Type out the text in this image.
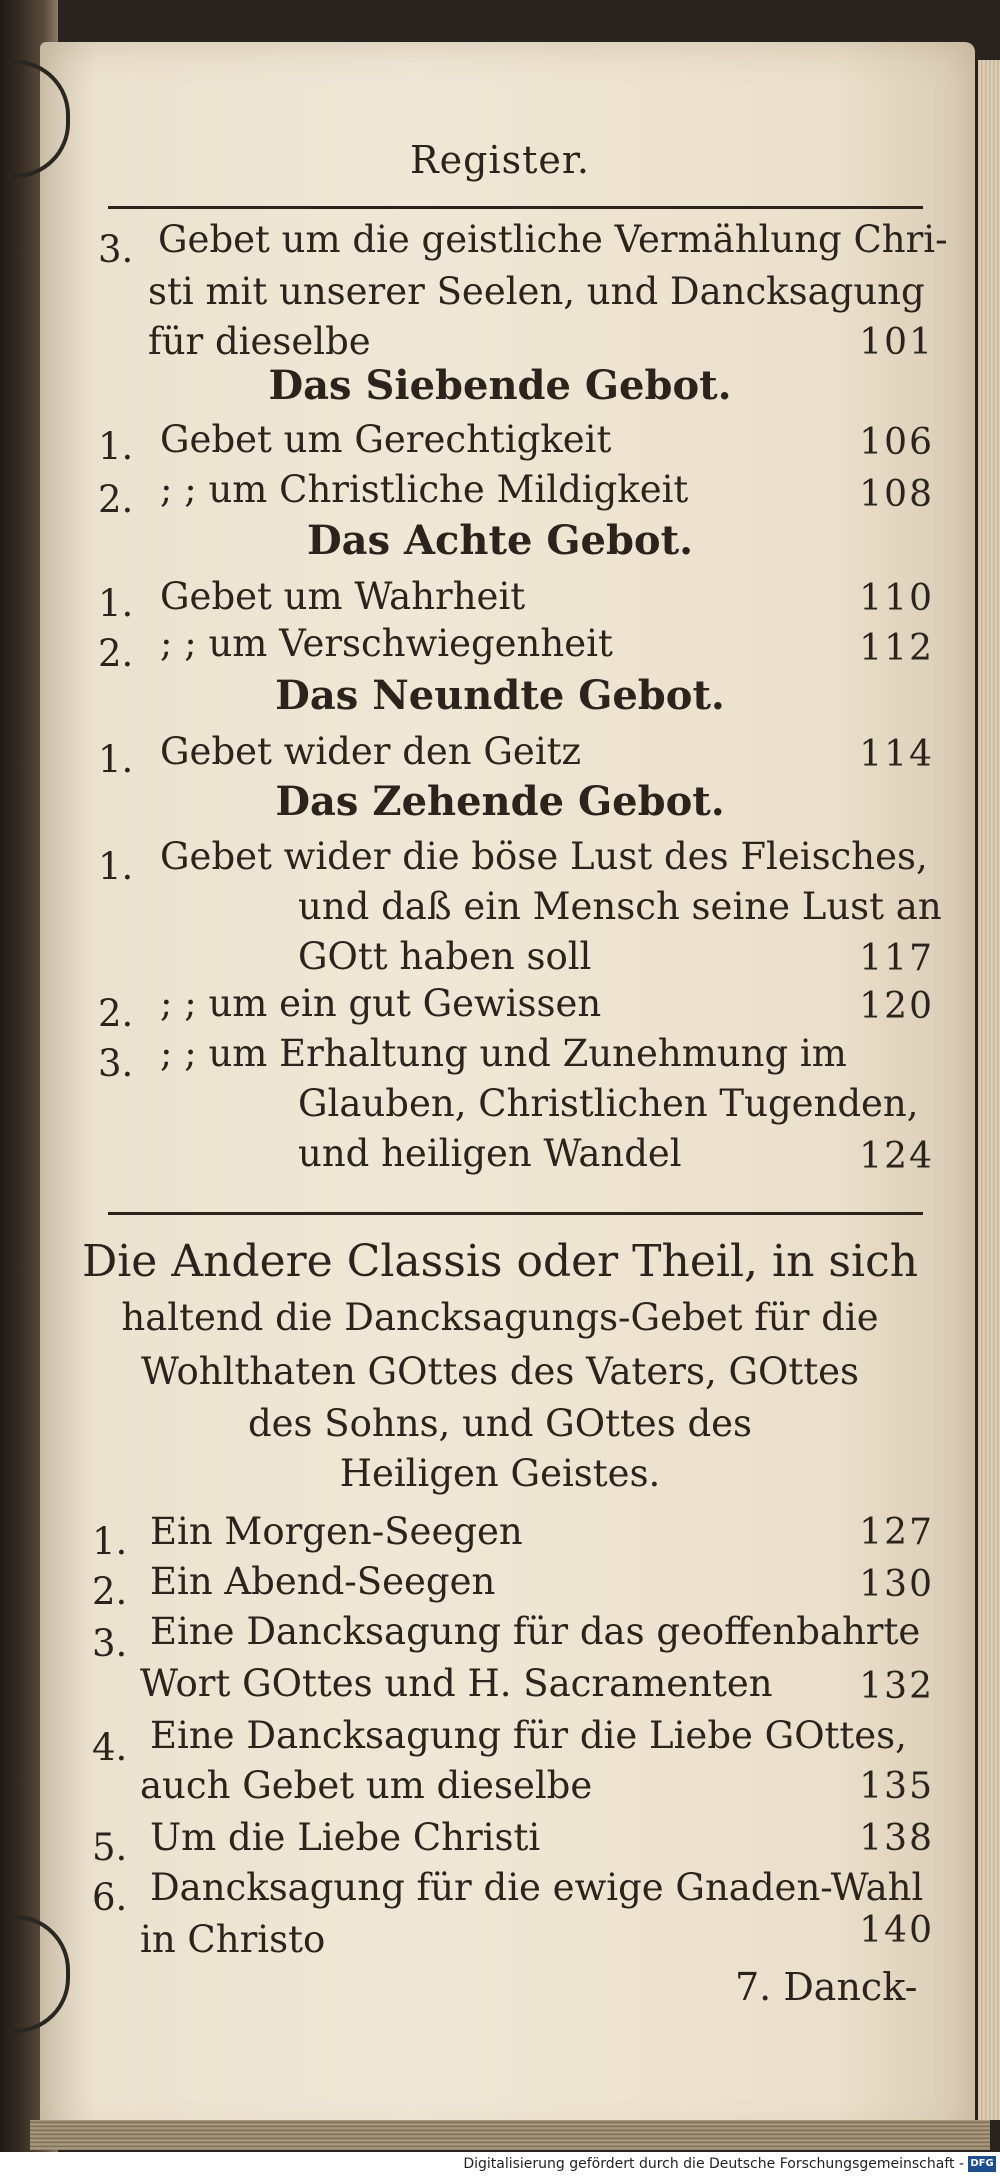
Register.
3. Gebet um die geistliche Vermählung Chri-
sti mit unserer Seelen, und Dancksagung
für dieselbe	101
Das Siebende Gebot.
1. Gebet um Gerechtigkeit	106
2. ; ; um Christliche Mildigkeit	108
Das Achte Gebot.
1. Gebet um Wahrheit	110
2. ; ; um Verschwiegenheit	112
Das Neundte Gebot.
1. Gebet wider den Geitz	114
Das Zehende Gebot.
1. Gebet wider die böse Lust des Fleisches,
und daß ein Mensch seine Lust an
GOtt haben soll	117
2. ; ; um ein gut Gewissen	120
3. ; ; um Erhaltung und Zunehmung im
Glauben, Christlichen Tugenden,
und heiligen Wandel	124
Die Andere Classis oder Theil, in sich
haltend die Dancksagungs-Gebet für die
Wohlthaten GOttes des Vaters, GOttes
des Sohns, und GOttes des
Heiligen Geistes.
1. Ein Morgen-Seegen	127
2. Ein Abend-Seegen	130
3. Eine Dancksagung für das geoffenbahrte
Wort GOttes und H. Sacramenten 132
4. Eine Dancksagung für die Liebe GOttes,
auch Gebet um dieselbe	135
5. Um die Liebe Christi	138
6. Dancksagung für die ewige Gnaden-Wahl
in Christo	140
7. Danck-
Digitalisierung gefördert durch die Deutsche Forschungsgemeinschaft - DFG
